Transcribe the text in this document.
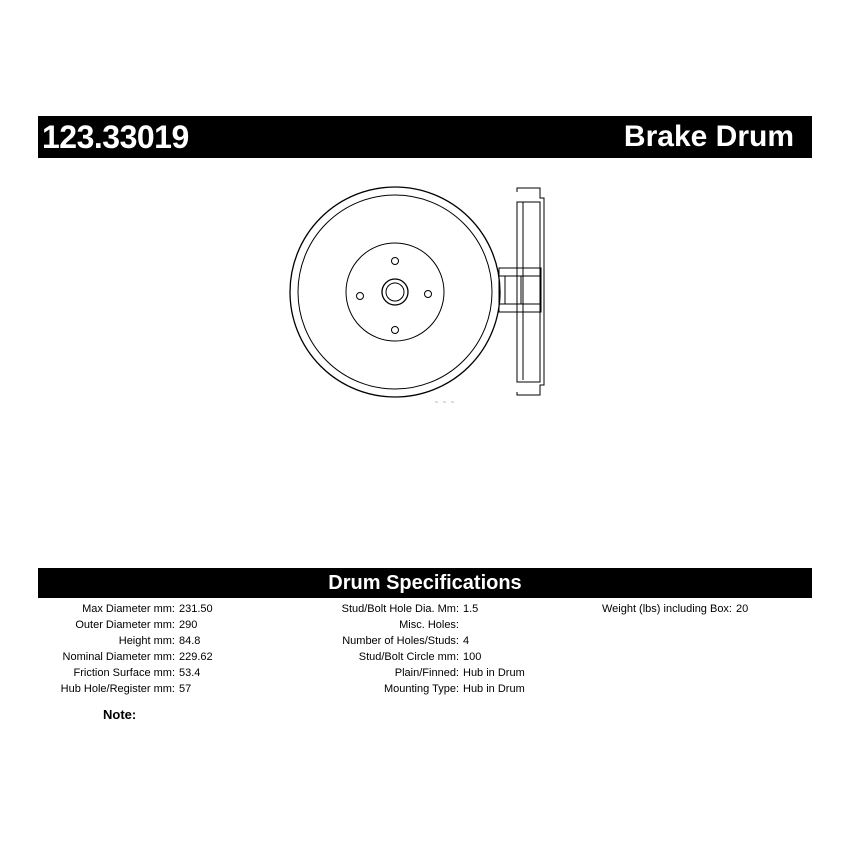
123.33019	Brake Drum
Drum Specifications
Max Diameter mm:
Outer Diameter mm:
Height mm:
Nominal Diameter mm:
Friction Surface mm:
Hub Hole/Register mm:
231.50
290
84.8
229.62
53.4
57
Stud/Bolt Hole Dia. Mm:
Misc. Holes:
Number of Holes/Studs:
Stud/Bolt Circle mm:
Plain/Finned:
Mounting Type:
1.5
4
100
Hub in Drum
Hub in Drum
Weight (lbs) including Box: 20
Note:
